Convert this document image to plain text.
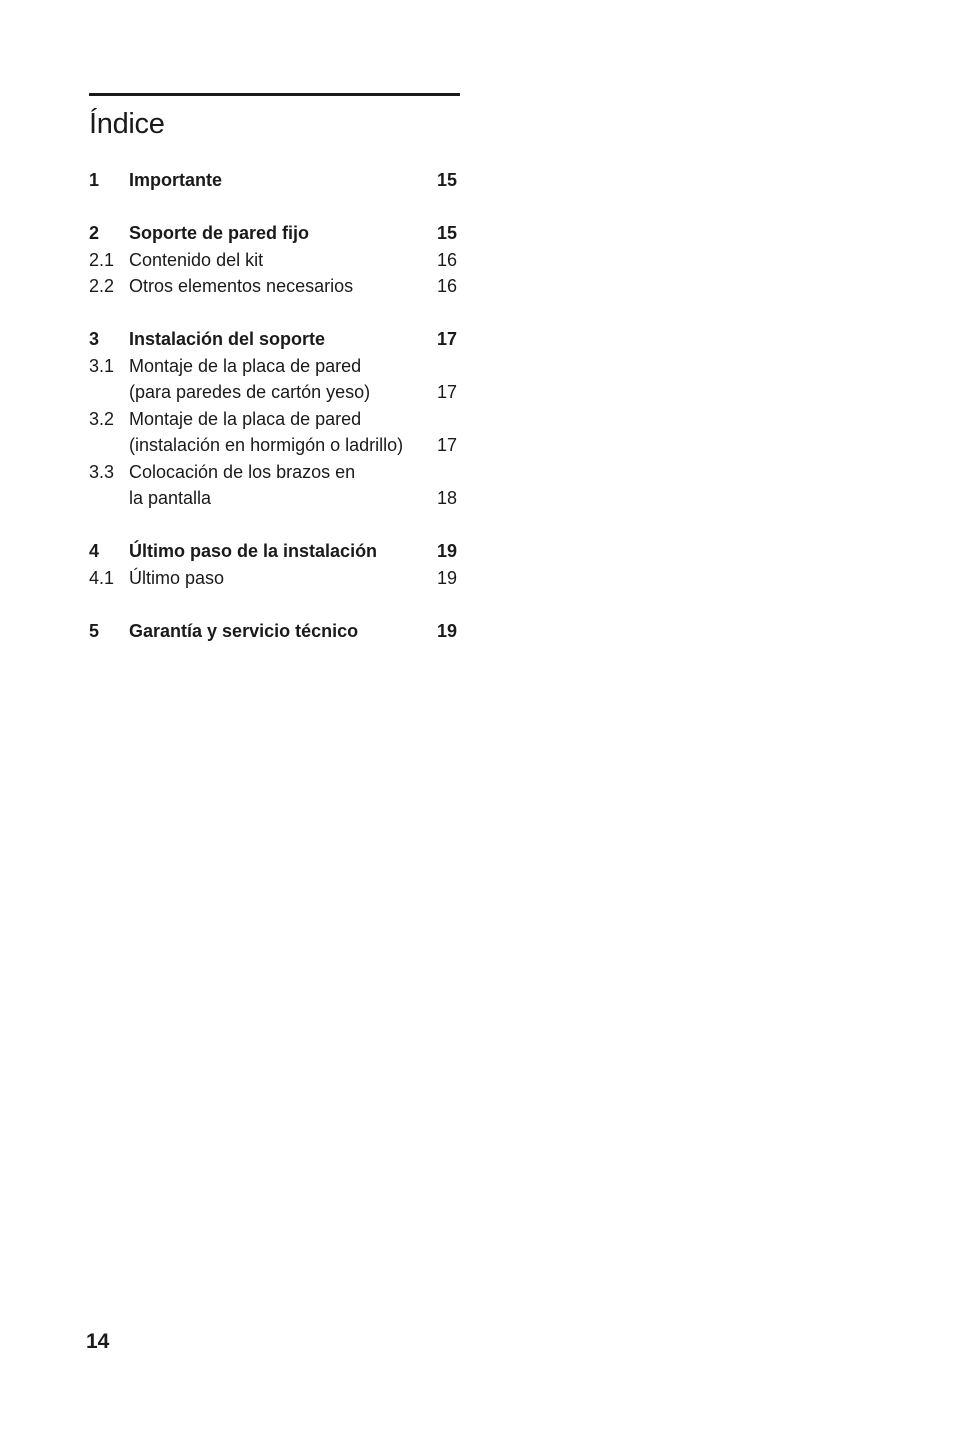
Índice
1 Importante	15
2 Soporte de pared fijo	15
2.1 Contenido del kit	16
2.2 Otros elementos necesarios	16
3 Instalación del soporte	17
3.1 Montaje de la placa de pared
(para paredes de cartón yeso)	17
3.2 Montaje de la placa de pared
(instalación en hormigón o ladrillo) 17
3.3 Colocación de los brazos en
la pantalla	18
4 Último paso de la instalación	19
4.1 Último paso	19
5 Garantía y servicio técnico	19
14
